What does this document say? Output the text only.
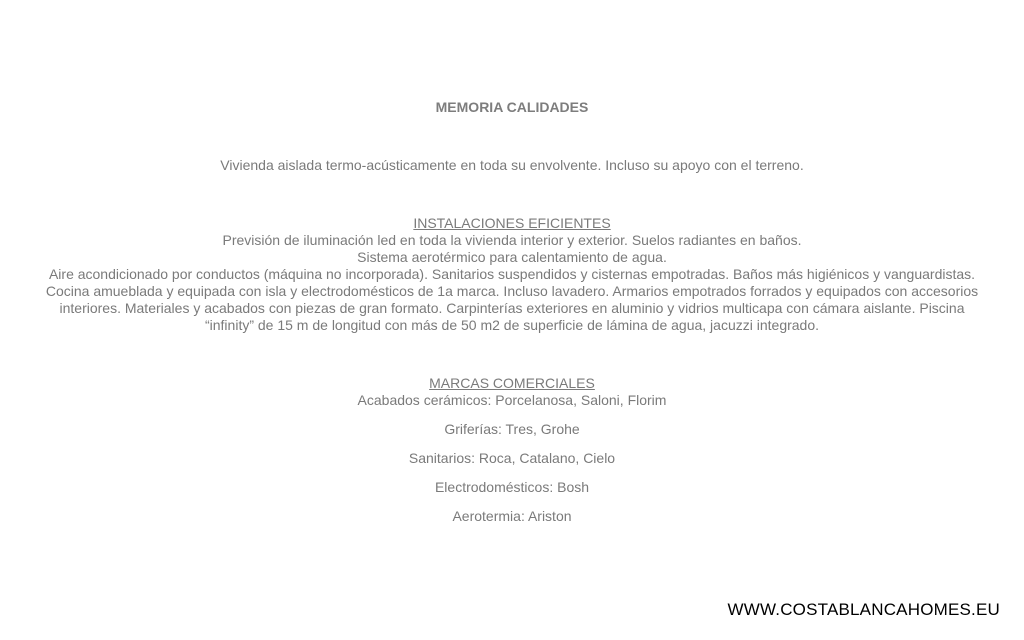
MEMORIA CALIDADES
Vivienda aislada termo-acústicamente en toda su envolvente. Incluso su apoyo con el terreno.
INSTALACIONES EFICIENTES

Previsión de iluminación led en toda la vivienda interior y exterior. Suelos radiantes en baños.

Sistema aerotérmico para calentamiento de agua.

Aire acondicionado por conductos (máquina no incorporada). Sanitarios suspendidos y cisternas empotradas. Baños más higiénicos y vanguardistas. Cocina amueblada y equipada con isla y electrodomésticos de 1a marca. Incluso lavadero. Armarios empotrados forrados y equipados con accesorios interiores. Materiales y acabados con piezas de gran formato. Carpinterías exteriores en aluminio y vidrios multicapa con cámara aislante. Piscina “infinity” de 15 m de longitud con más de 50 m2 de superficie de lámina de agua, jacuzzi integrado.

MARCAS COMERCIALES

Acabados cerámicos: Porcelanosa, Saloni, Florim

Griferías: Tres, Grohe

Sanitarios: Roca, Catalano, Cielo

Electrodomésticos: Bosh

Aerotermia: Ariston

WWW.COSTABLANCAHOMES.EU
